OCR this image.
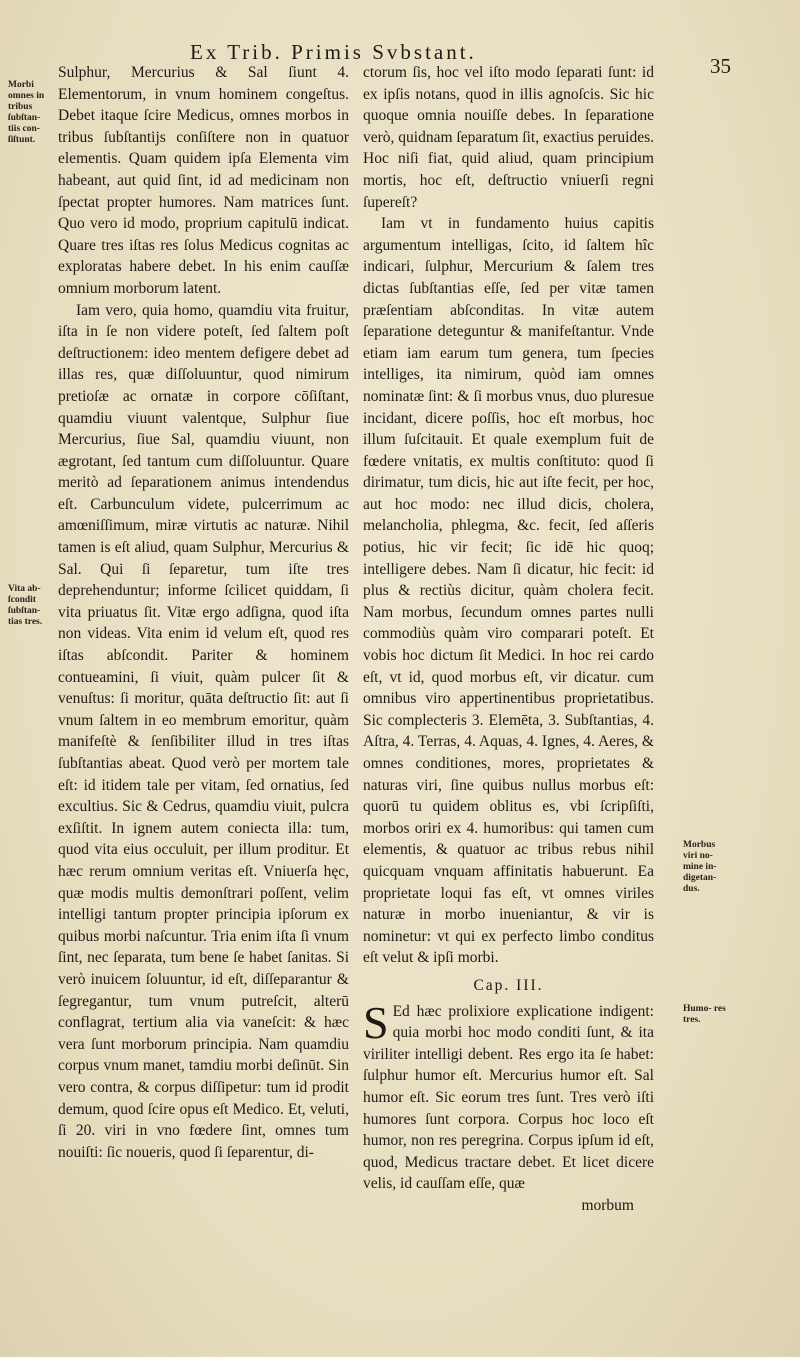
Ex Trib. Primis Svbstant.
35
Morbi omnes in tribus ſubſtan- tiis con- ſiſtunt.
Vita ab- ſcondit ſubſtan- tias tres.
Morbus viri no- mine in- digetan- dus.
Humo- res tres.

Sulphur, Mercurius & Sal ſiunt 4. Elementorum, in vnum hominem congeſtus. Debet itaque ſcire Medicus, omnes morbos in tribus ſubſtantijs conſiſtere non in quatuor elementis. Quam quidem ipſa Elementa vim habeant, aut quid ſint, id ad medicinam non ſpectat propter humores. Nam matrices ſunt. Quo vero id modo, proprium capitulū indicat. Quare tres iſtas res ſolus Medicus cognitas ac exploratas habere debet. In his enim cauſſæ omnium morborum latent.

Iam vero, quia homo, quamdiu vita fruitur, iſta in ſe non videre poteſt, ſed ſaltem poſt deſtructionem: ideo mentem defigere debet ad illas res, quæ diſſoluuntur, quod nimirum pretioſæ ac ornatæ in corpore cōſiſtant, quamdiu viuunt valentque, Sulphur ſiue Mercurius, ſiue Sal, quamdiu viuunt, non ægrotant, ſed tantum cum diſſoluuntur. Quare meritò ad ſeparationem animus intendendus eſt. Carbunculum videte, pulcerrimum ac amœniſſimum, miræ virtutis ac naturæ. Nihil tamen is eſt aliud, quam Sulphur, Mercurius & Sal. Qui ſi ſeparetur, tum iſte tres deprehenduntur; informe ſcilicet quiddam, ſi vita priuatus ſit. Vitæ ergo adſigna, quod iſta non videas. Vita enim id velum eſt, quod res iſtas abſcondit. Pariter & hominem contueamini, ſi viuit, quàm pulcer ſit & venuſtus: ſi moritur, quāta deſtructio ſit: aut ſi vnum ſaltem in eo membrum emoritur, quàm manifeſtè & ſenſibiliter illud in tres iſtas ſubſtantias abeat. Quod verò per mortem tale eſt: id itidem tale per vitam, ſed ornatius, ſed excultius. Sic & Cedrus, quamdiu viuit, pulcra exſiſtit. In ignem autem coniecta illa: tum, quod vita eius occuluit, per illum proditur. Et hæc rerum omnium veritas eſt. Vniuerſa hęc, quæ modis multis demonſtrari poſſent, velim intelligi tantum propter principia ipſorum ex quibus morbi naſcuntur. Tria enim iſta ſi vnum ſint, nec ſeparata, tum bene ſe habet ſanitas. Si verò inuicem ſoluuntur, id eſt, diſſeparantur & ſegregantur, tum vnum putreſcit, alterū conflagrat, tertium alia via vaneſcit: & hæc vera ſunt morborum principia. Nam quamdiu corpus vnum manet, tamdiu morbi deſinūt. Sin vero contra, & corpus diſſipetur: tum id prodit demum, quod ſcire opus eſt Medico. Et, veluti, ſi 20. viri in vno fœdere ſint, omnes tum nouiſti: ſic noueris, quod ſi ſeparentur, di-

ctorum ſis, hoc vel iſto modo ſeparati ſunt: id ex ipſis notans, quod in illis agnoſcis. Sic hic quoque omnia nouiſſe debes. In ſeparatione verò, quidnam ſeparatum ſit, exactius peruides. Hoc niſi fiat, quid aliud, quam principium mortis, hoc eſt, deſtructio vniuerſi regni ſupereſt?

Iam vt in fundamento huius capitis argumentum intelligas, ſcito, id ſaltem hîc indicari, ſulphur, Mercurium & ſalem tres dictas ſubſtantias eſſe, ſed per vitæ tamen præſentiam abſconditas. In vitæ autem ſeparatione deteguntur & manifeſtantur. Vnde etiam iam earum tum genera, tum ſpecies intelliges, ita nimirum, quòd iam omnes nominatæ ſint: & ſi morbus vnus, duo pluresue incidant, dicere poſſis, hoc eſt morbus, hoc illum ſuſcitauit. Et quale exemplum fuit de fœdere vnitatis, ex multis conſtituto: quod ſi dirimatur, tum dicis, hic aut iſte fecit, per hoc, aut hoc modo: nec illud dicis, cholera, melancholia, phlegma, &c. fecit, ſed aſſeris potius, hic vir fecit; ſic idē hic quoq; intelligere debes. Nam ſi dicatur, hic fecit: id plus & rectiùs dicitur, quàm cholera fecit. Nam morbus, ſecundum omnes partes nulli commodiùs quàm viro comparari poteſt. Et vobis hoc dictum ſit Medici. In hoc rei cardo eſt, vt id, quod morbus eſt, vir dicatur. cum omnibus viro appertinentibus proprietatibus. Sic complecteris 3. Elemēta, 3. Subſtantias, 4. Aſtra, 4. Terras, 4. Aquas, 4. Ignes, 4. Aeres, & omnes conditiones, mores, proprietates & naturas viri, ſine quibus nullus morbus eſt: quorū tu quidem oblitus es, vbi ſcripſiſti, morbos oriri ex 4. humoribus: qui tamen cum elementis, & quatuor ac tribus rebus nihil quicquam vnquam affinitatis habuerunt. Ea proprietate loqui fas eſt, vt omnes viriles naturæ in morbo inueniantur, & vir is nominetur: vt qui ex perfecto limbo conditus eſt velut & ipſi morbi.

Cap. III.

S Ed hæc prolixiore explicatione indigent: quia morbi hoc modo conditi ſunt, & ita viriliter intelligi debent. Res ergo ita ſe habet: ſulphur humor eſt. Mercurius humor eſt. Sal humor eſt. Sic eorum tres ſunt. Tres verò iſti humores ſunt corpora. Corpus hoc loco eſt humor, non res peregrina. Corpus ipſum id eſt, quod, Medicus tractare debet. Et licet dicere velis, id cauſſam eſſe, quæ

morbum
